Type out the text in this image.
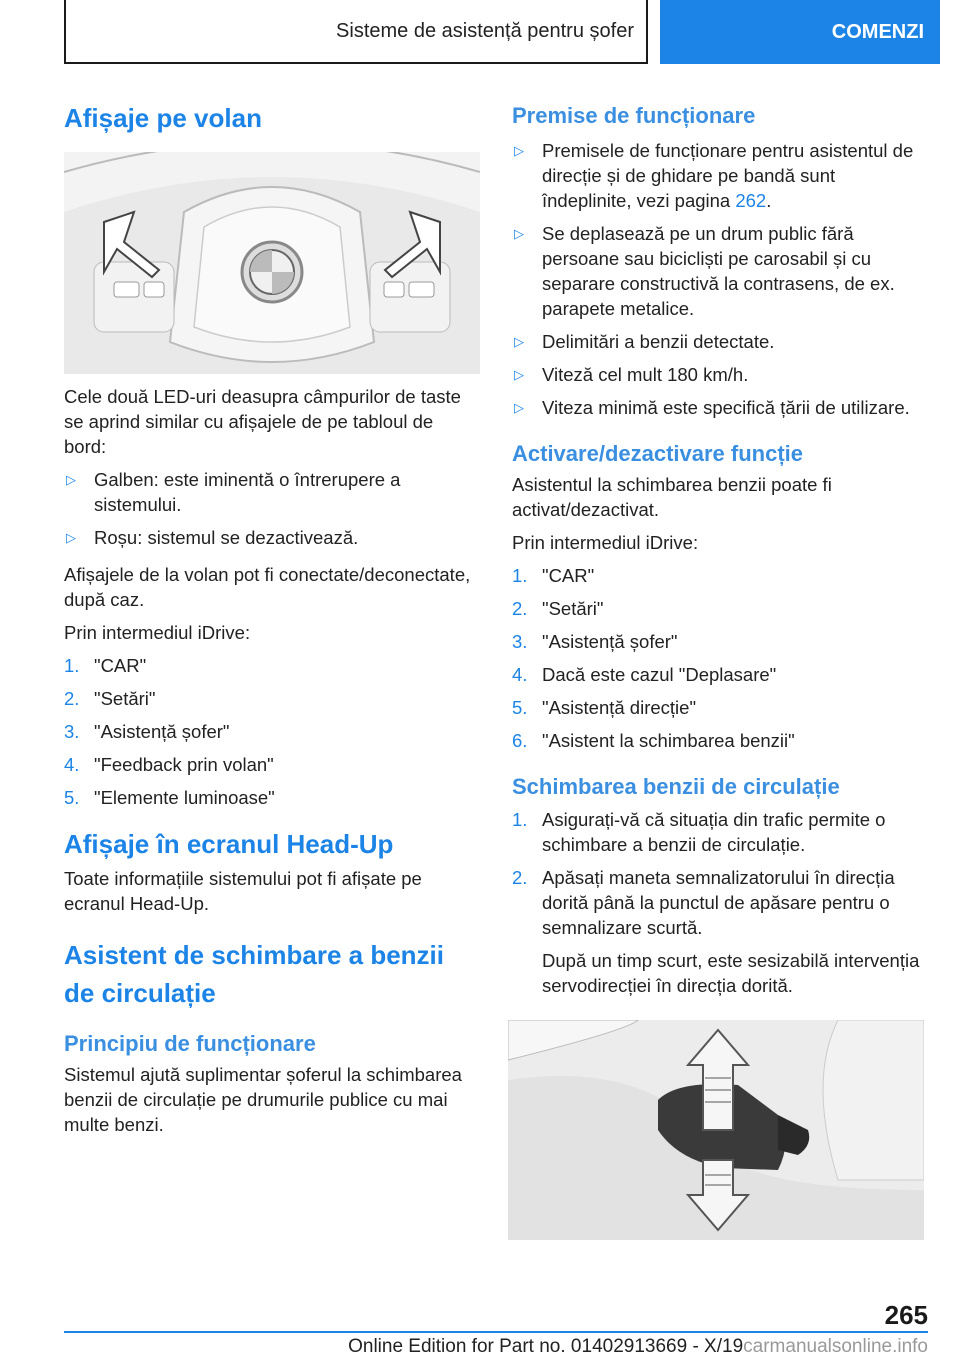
Sisteme de asistență pentru șofer	COMENZI
Afișaje pe volan

Cele două LED-uri deasupra câmpurilor de taste se aprind similar cu afișajele de pe tabloul de bord:

▷ Galben: este iminentă o întrerupere a sistemului.
▷ Roșu: sistemul se dezactivează.

Afișajele de la volan pot fi conectate/deconectate, după caz.

Prin intermediul iDrive:

1. "CAR"
2. "Setări"
3. "Asistență șofer"
4. "Feedback prin volan"
5. "Elemente luminoase"
Afișaje în ecranul Head-Up

Toate informațiile sistemului pot fi afișate pe ecranul Head-Up.

Asistent de schimbare a benzii de circulație
Principiu de funcționare

Sistemul ajută suplimentar șoferul la schimbarea benzii de circulație pe drumurile publice cu mai multe benzi.

Premise de funcționare
▷ Premisele de funcționare pentru asistentul de direcție și de ghidare pe bandă sunt îndeplinite, vezi pagina 262.
▷ Se deplasează pe un drum public fără persoane sau bicicliști pe carosabil și cu separare constructivă la contrasens, de ex. parapete metalice.
▷ Delimitări a benzii detectate.
▷ Viteză cel mult 180 km/h.
▷ Viteza minimă este specifică țării de utilizare.
Activare/dezactivare funcție

Asistentul la schimbarea benzii poate fi activat/dezactivat.

Prin intermediul iDrive:

1. "CAR"
2. "Setări"
3. "Asistență șofer"
4. Dacă este cazul "Deplasare"
5. "Asistență direcție"
6. "Asistent la schimbarea benzii"
Schimbarea benzii de circulație
1. Asigurați-vă că situația din trafic permite o schimbare a benzii de circulație.
2. Apăsați maneta semnalizatorului în direcția dorită până la punctul de apăsare pentru o semnalizare scurtă.

După un timp scurt, este sesizabilă intervenția servodirecției în direcția dorită.

265
Online Edition for Part no. 01402913669 - X/19carmanualsonline.info
